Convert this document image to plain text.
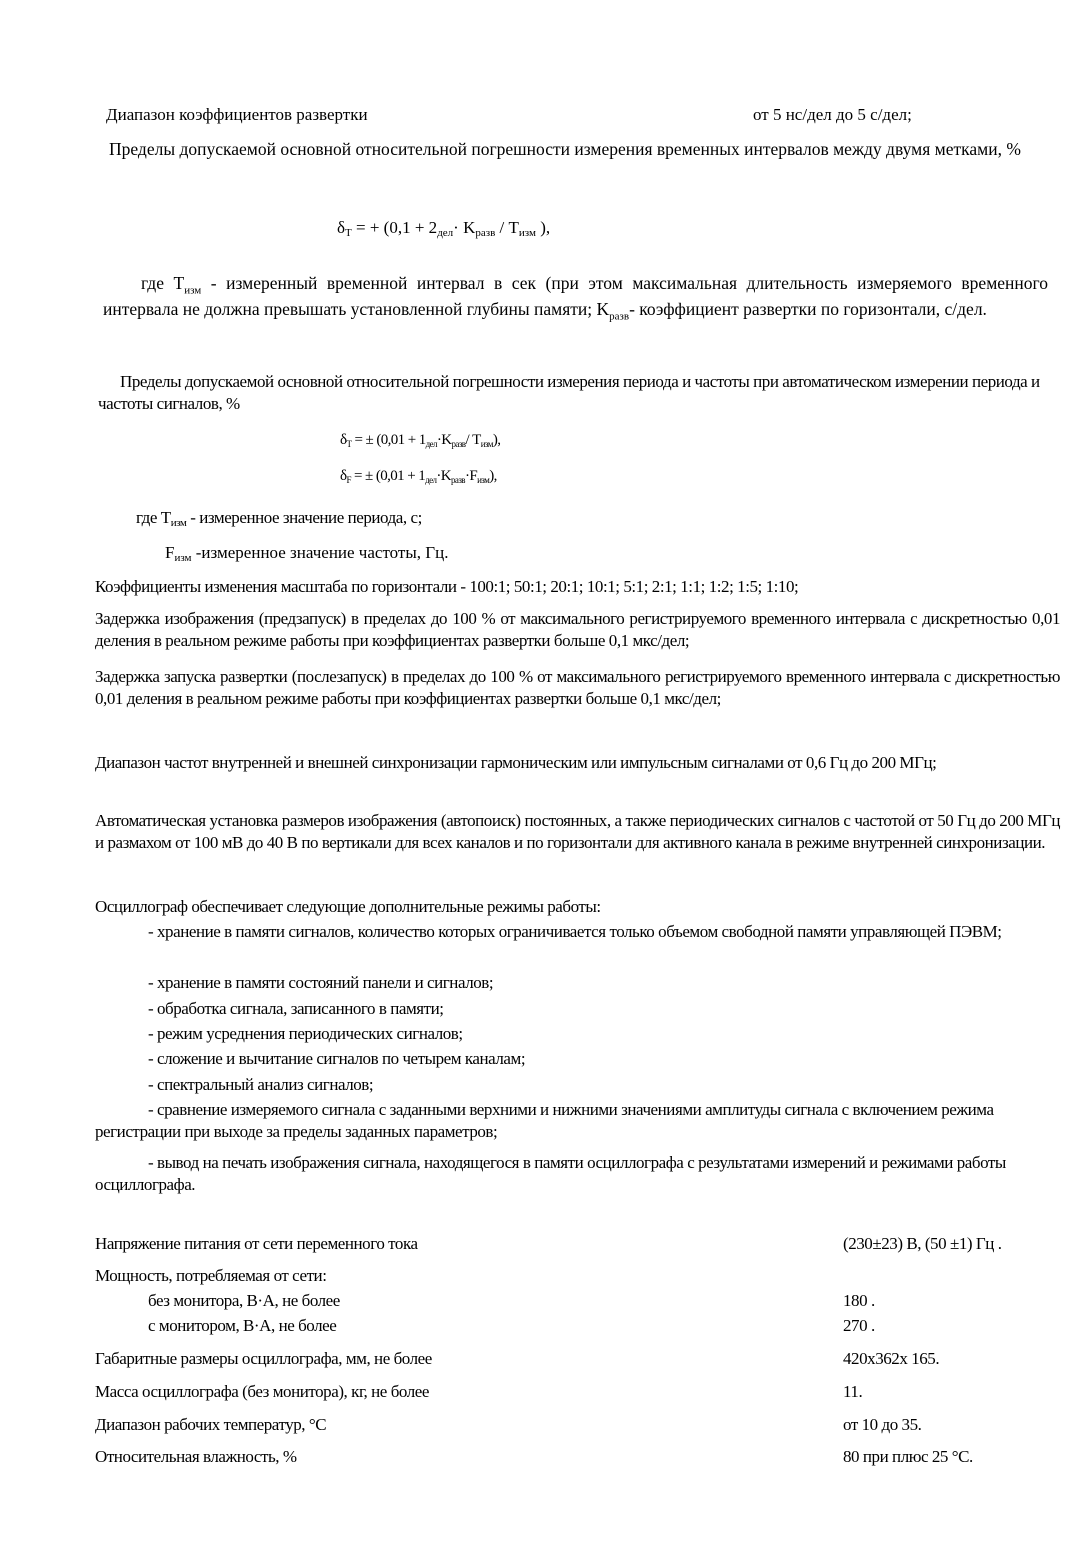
Диапазон коэффициентов развертки	от 5 нс/дел до 5 с/дел;

Пределы допускаемой основной относительной погрешности измерения временных интервалов между двумя метками, %

$\delta_T$ = + ($0,1 + 2_{дел}\cdot K_{разв} / T_{изм}$ ),

где $T_{изм}$ - измеренный временной интервал в сек (при этом максимальная длительность измеряемого временного интервала не должна превышать установленной глубины памяти; $K_{разв}-$ коэффициент развертки по горизонтали, с/дел.

Пределы допускаемой основной относительной погрешности измерения периода и частоты при автоматическом измерении периода и частоты сигналов, %

$\delta_T$ = ± ($0,01 + 1_{дел}\cdot K_{разв}/$ $T_{изм}$),
$\delta_F$ = ± $(0,01 + 1_{дел}\cdot K_{разв}\cdot F_{изм})$,
где $T_{изм}$ - измеренное значение периода, с;
$F_{изм}$ -измеренное значение частоты, Гц.

Коэффициенты изменения масштаба по горизонтали - 100:1; 50:1; 20:1; 10:1; 5:1; 2:1; 1:1; 1:2; 1:5; 1:10;

Задержка изображения (предзапуск) в пределах до 100 % от максимального регистрируемого временного интервала с дискретностью 0,01 деления в реальном режиме работы при коэффициентах развертки больше 0,1 мкс/дел;

Задержка запуска развертки (послезапуск) в пределах до 100 % от максимального регистрируемого временного интервала с дискретностью 0,01 деления в реальном режиме работы при коэффициентах развертки больше 0,1 мкс/дел;

Диапазон частот внутренней и внешней синхронизации гармоническим или импульсным сигналами от 0,6 Гц до 200 МГц;

Автоматическая установка размеров изображения (автопоиск) постоянных, а также периодических сигналов с частотой от 50 Гц до 200 МГц и размахом от 100 мВ до 40 В по вертикали для всех каналов и по горизонтали для активного канала в режиме внутренней синхронизации.

Осциллограф обеспечивает следующие дополнительные режимы работы:

- хранение в памяти сигналов, количество которых ограничивается только объемом свободной памяти управляющей ПЭВМ;
- хранение в памяти состояний панели и сигналов;
- обработка сигнала, записанного в памяти;
- режим усреднения периодических сигналов;
- сложение и вычитание сигналов по четырем каналам;
- спектральный анализ сигналов;
- сравнение измеряемого сигнала с заданными верхними и нижними значениями амплитуды сигнала с включением режима регистрации при выходе за пределы заданных параметров;
- вывод на печать изображения сигнала, находящегося в памяти осциллографа с результатами измерений и режимами работы осциллографа.
Напряжение питания от сети переменного тока	(230±23) В, (50 ±1) Гц .
Мощность, потребляемая от сети:
без монитора, В·А, не более	180 .
с монитором, В·А, не более	270 .
Габаритные размеры осциллографа, мм, не более	420х362х 165.
Масса осциллографа (без монитора), кг, не более	11.
Диапазон рабочих температур, °С	от 10 до 35.
Относительная влажность, %	80 при плюс 25 °С.
